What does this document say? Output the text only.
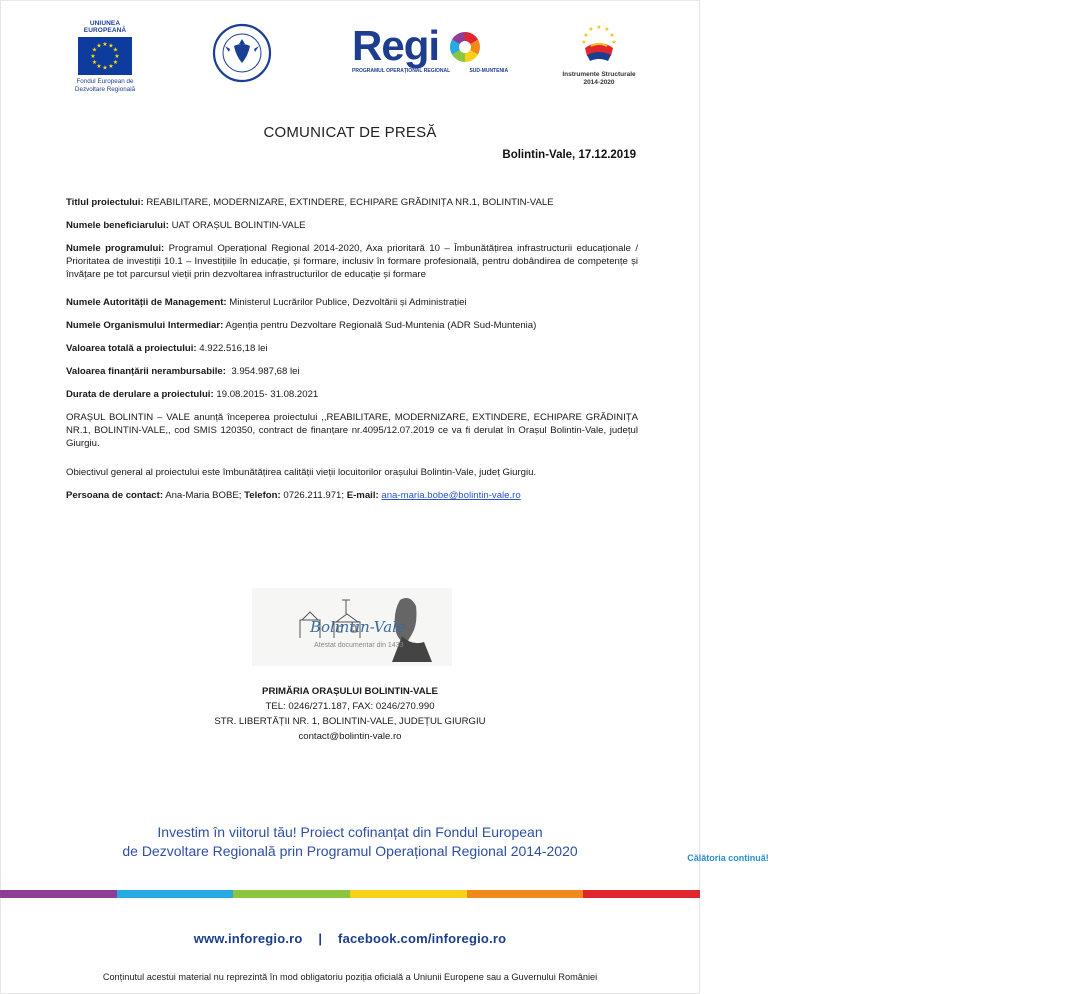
UNIUNEA EUROPEANĂ
★ ★
★
★
★
★
★
★
★
★
★
★
Fondul European de
Dezvoltare Regională
Regi
PROGRAMUL OPERAȚIONAL REGIONAL	SUD-MUNTENIA
Călătoria continuă!
★ ★
★
★
★
★
★
Instrumente Structurale
2014-2020
COMUNICAT DE PRESĂ
Bolintin-Vale, 17.12.2019

Titlul proiectului: REABILITARE, MODERNIZARE, EXTINDERE, ECHIPARE GRĂDINIȚA NR.1, BOLINTIN-VALE

Numele beneficiarului: UAT ORAȘUL BOLINTIN-VALE

Numele programului: Programul Operațional Regional 2014-2020, Axa prioritară 10 – Îmbunătățirea infrastructurii educaționale / Prioritatea de investiții 10.1 – Investițiile în educație, și formare, inclusiv în formare profesională, pentru dobândirea de competențe și învățare pe tot parcursul vieții prin dezvoltarea infrastructurilor de educație și formare

Numele Autorității de Management: Ministerul Lucrărilor Publice, Dezvoltării și Administrației

Numele Organismului Intermediar: Agenția pentru Dezvoltare Regională Sud-Muntenia (ADR Sud-Muntenia)

Valoarea totală a proiectului: 4.922.516,18 lei

Valoarea finanțării nerambursabile: 3.954.987,68 lei

Durata de derulare a proiectului: 19.08.2015- 31.08.2021

ORAȘUL BOLINTIN – VALE anunță începerea proiectului ,,REABILITARE, MODERNIZARE, EXTINDERE, ECHIPARE GRĂDINIȚA NR.1, BOLINTIN-VALE,, cod SMIS 120350, contract de finanțare nr.4095/12.07.2019 ce va fi derulat în Orașul Bolintin-Vale, județul Giurgiu.

Obiectivul general al proiectului este îmbunătățirea calității vieții locuitorilor orașului Bolintin-Vale, județ Giurgiu.

Persoana de contact: Ana-Maria BOBE; Telefon: 0726.211.971; E-mail: ana-maria.bobe@bolintin-vale.ro

Bolintin-Vale
Atestat documentar din 1433
PRIMĂRIA ORAȘULUI BOLINTIN-VALE
TEL: 0246/271.187, FAX: 0246/270.990
STR. LIBERTĂȚII NR. 1, BOLINTIN-VALE, JUDEȚUL GIURGIU
contact@bolintin-vale.ro
Investim în viitorul tău! Proiect cofinanțat din Fondul European
de Dezvoltare Regională prin Programul Operațional Regional 2014-2020
www.inforegio.ro | facebook.com/inforegio.ro
Conținutul acestui material nu reprezintă în mod obligatoriu poziția oficială a Uniunii Europene sau a Guvernului României
